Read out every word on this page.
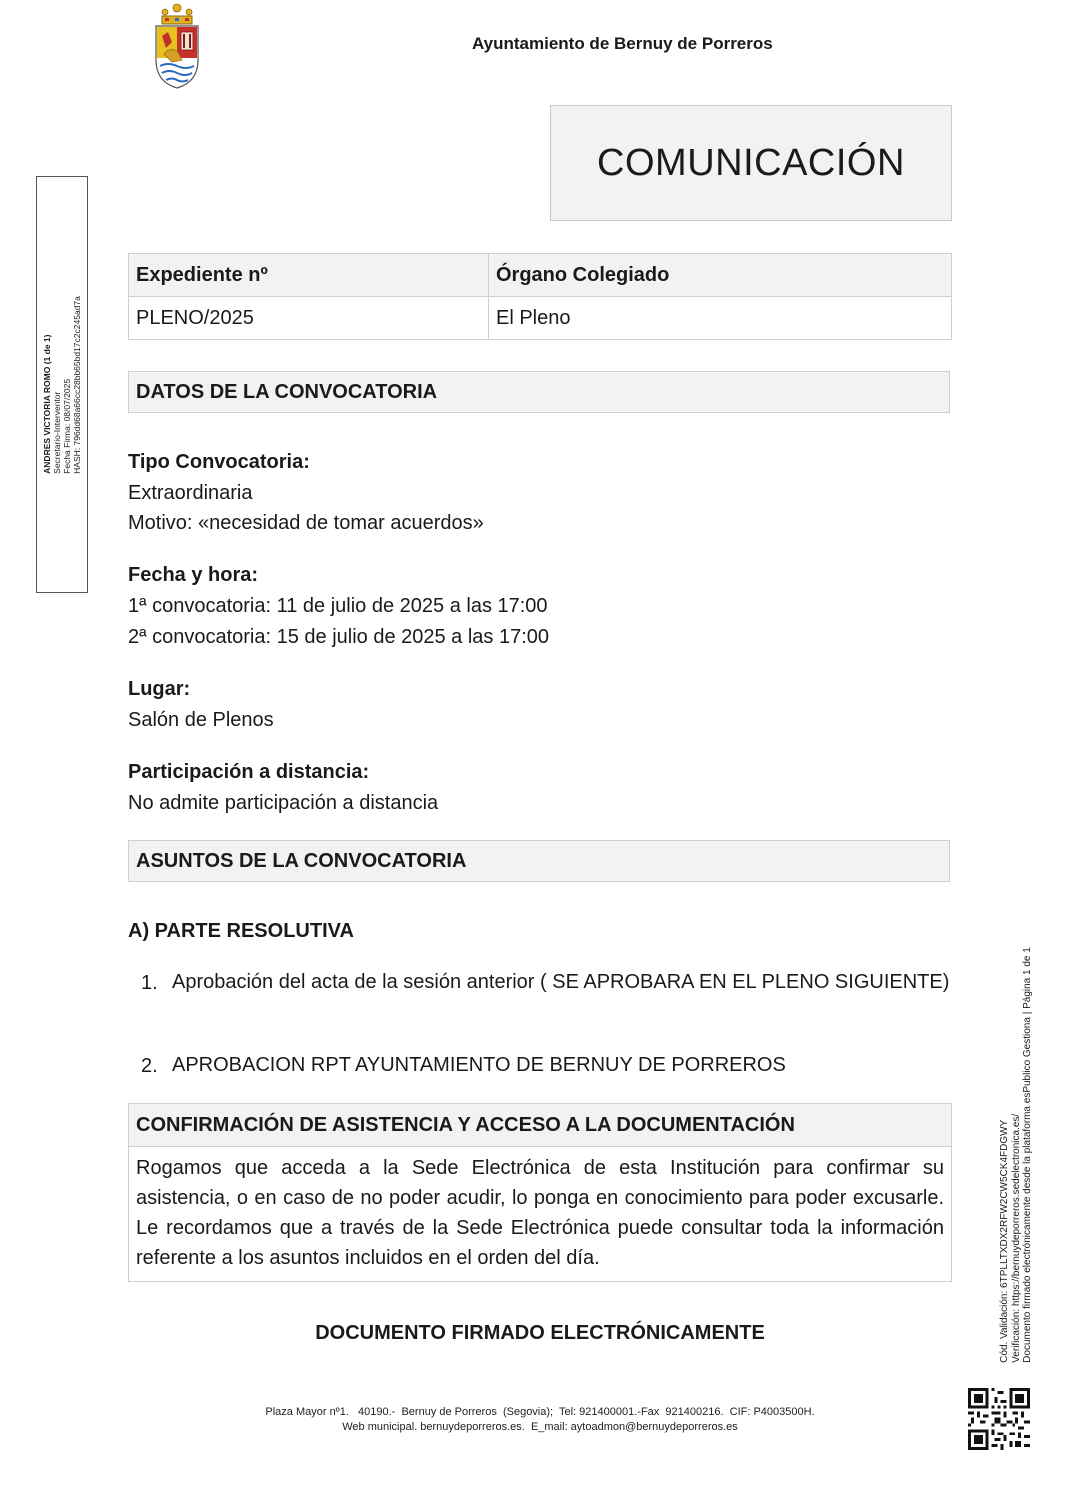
Ayuntamiento de Bernuy de Porreros
COMUNICACIÓN
Expediente nº	Órgano Colegiado
PLENO/2025	El Pleno
DATOS DE LA CONVOCATORIA
Tipo Convocatoria:
Extraordinaria
Motivo: «necesidad de tomar acuerdos»
Fecha y hora:
1ª convocatoria: 11 de julio de 2025 a las 17:00
2ª convocatoria: 15 de julio de 2025 a las 17:00
Lugar:
Salón de Plenos
Participación a distancia:
No admite participación a distancia
ASUNTOS DE LA CONVOCATORIA
A) PARTE RESOLUTIVA
1. Aprobación del acta de la sesión anterior ( SE APROBARA EN EL PLENO SIGUIENTE)
2. APROBACION RPT AYUNTAMIENTO DE BERNUY DE PORREROS
CONFIRMACIÓN DE ASISTENCIA Y ACCESO A LA DOCUMENTACIÓN
Rogamos que acceda a la Sede Electrónica de esta Institución para confirmar su asistencia, o en caso de no poder acudir, lo ponga en conocimiento para poder excusarle. Le recordamos que a través de la Sede Electrónica puede consultar toda la información referente a los asuntos incluidos en el orden del día.
DOCUMENTO FIRMADO ELECTRÓNICAMENTE
Plaza Mayor nº1.   40190.-  Bernuy de Porreros  (Segovia);  Tel: 921400001.-Fax  921400216.  CIF: P4003500H.
Web municipal. bernuydeporreros.es.  E_mail: aytoadmon@bernuydeporreros.es
ANDRES VICTORIA ROMO (1 de 1) Secretario-Interventor Fecha Firma: 08/07/2025 HASH: 796dd68a66cc28bb65bd17c2c245ad7a
Cód. Validación: 6TPLLTXDX2RFW2CW5CK4FDGWY Verificación: https://bernuydeporreros.sedelectronica.es/ Documento firmado electrónicamente desde la plataforma esPublico Gestiona | Página 1 de 1
